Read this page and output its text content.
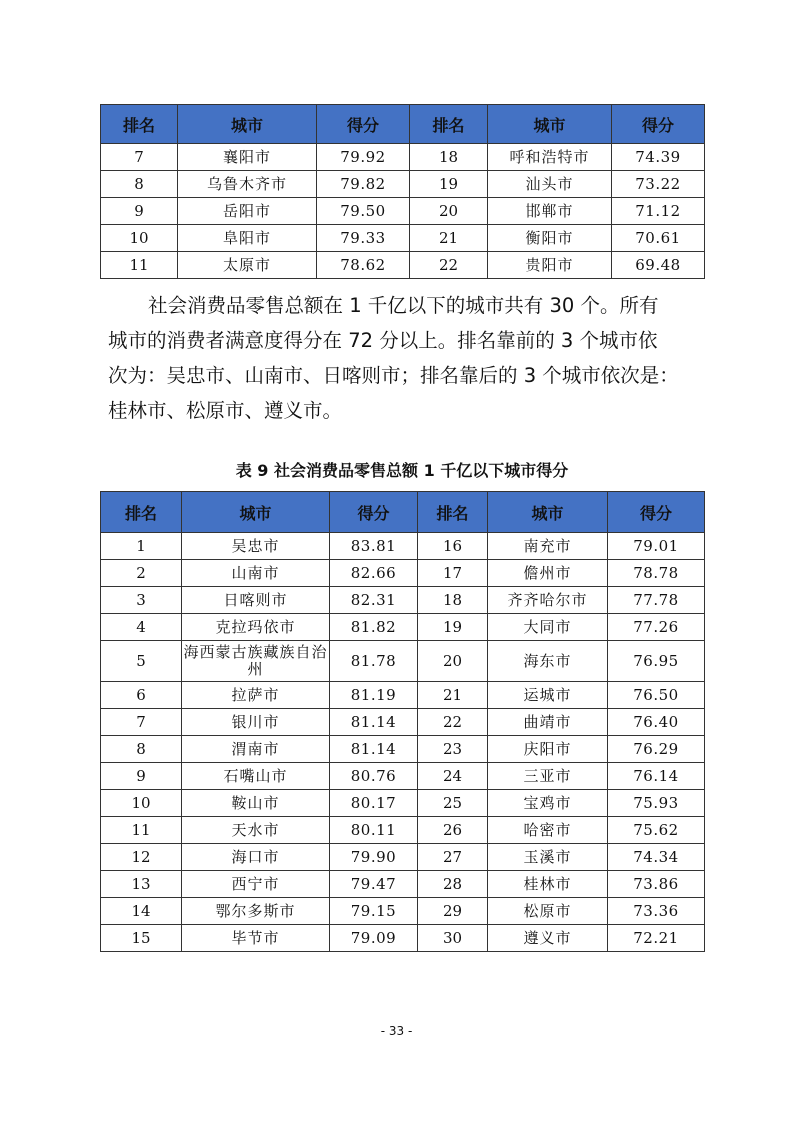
排名	城市	得分	排名	城市	得分
7	襄阳市	79.92	18	呼和浩特市	74.39
8	乌鲁木齐市	79.82	19	汕头市	73.22
9	岳阳市	79.50	20	邯郸市	71.12
10	阜阳市	79.33	21	衡阳市	70.61
11	太原市	78.62	22	贵阳市	69.48

社会消费品零售总额在 1 千亿以下的城市共有 30 个。所有
城市的消费者满意度得分在 72 分以上。排名靠前的 3 个城市依
次为：吴忠市、山南市、日喀则市；排名靠后的 3 个城市依次是：
桂林市、松原市、遵义市。

表 9 社会消费品零售总额 1 千亿以下城市得分

排名	城市	得分	排名	城市	得分
1	吴忠市	83.81	16	南充市	79.01
2	山南市	82.66	17	儋州市	78.78
3	日喀则市	82.31	18	齐齐哈尔市	77.78
4	克拉玛依市	81.82	19	大同市	77.26
5	海西蒙古族藏族自治州	81.78	20	海东市	76.95
6	拉萨市	81.19	21	运城市	76.50
7	银川市	81.14	22	曲靖市	76.40
8	渭南市	81.14	23	庆阳市	76.29
9	石嘴山市	80.76	24	三亚市	76.14
10	鞍山市	80.17	25	宝鸡市	75.93
11	天水市	80.11	26	哈密市	75.62
12	海口市	79.90	27	玉溪市	74.34
13	西宁市	79.47	28	桂林市	73.86
14	鄂尔多斯市	79.15	29	松原市	73.36
15	毕节市	79.09	30	遵义市	72.21
- 33 -
